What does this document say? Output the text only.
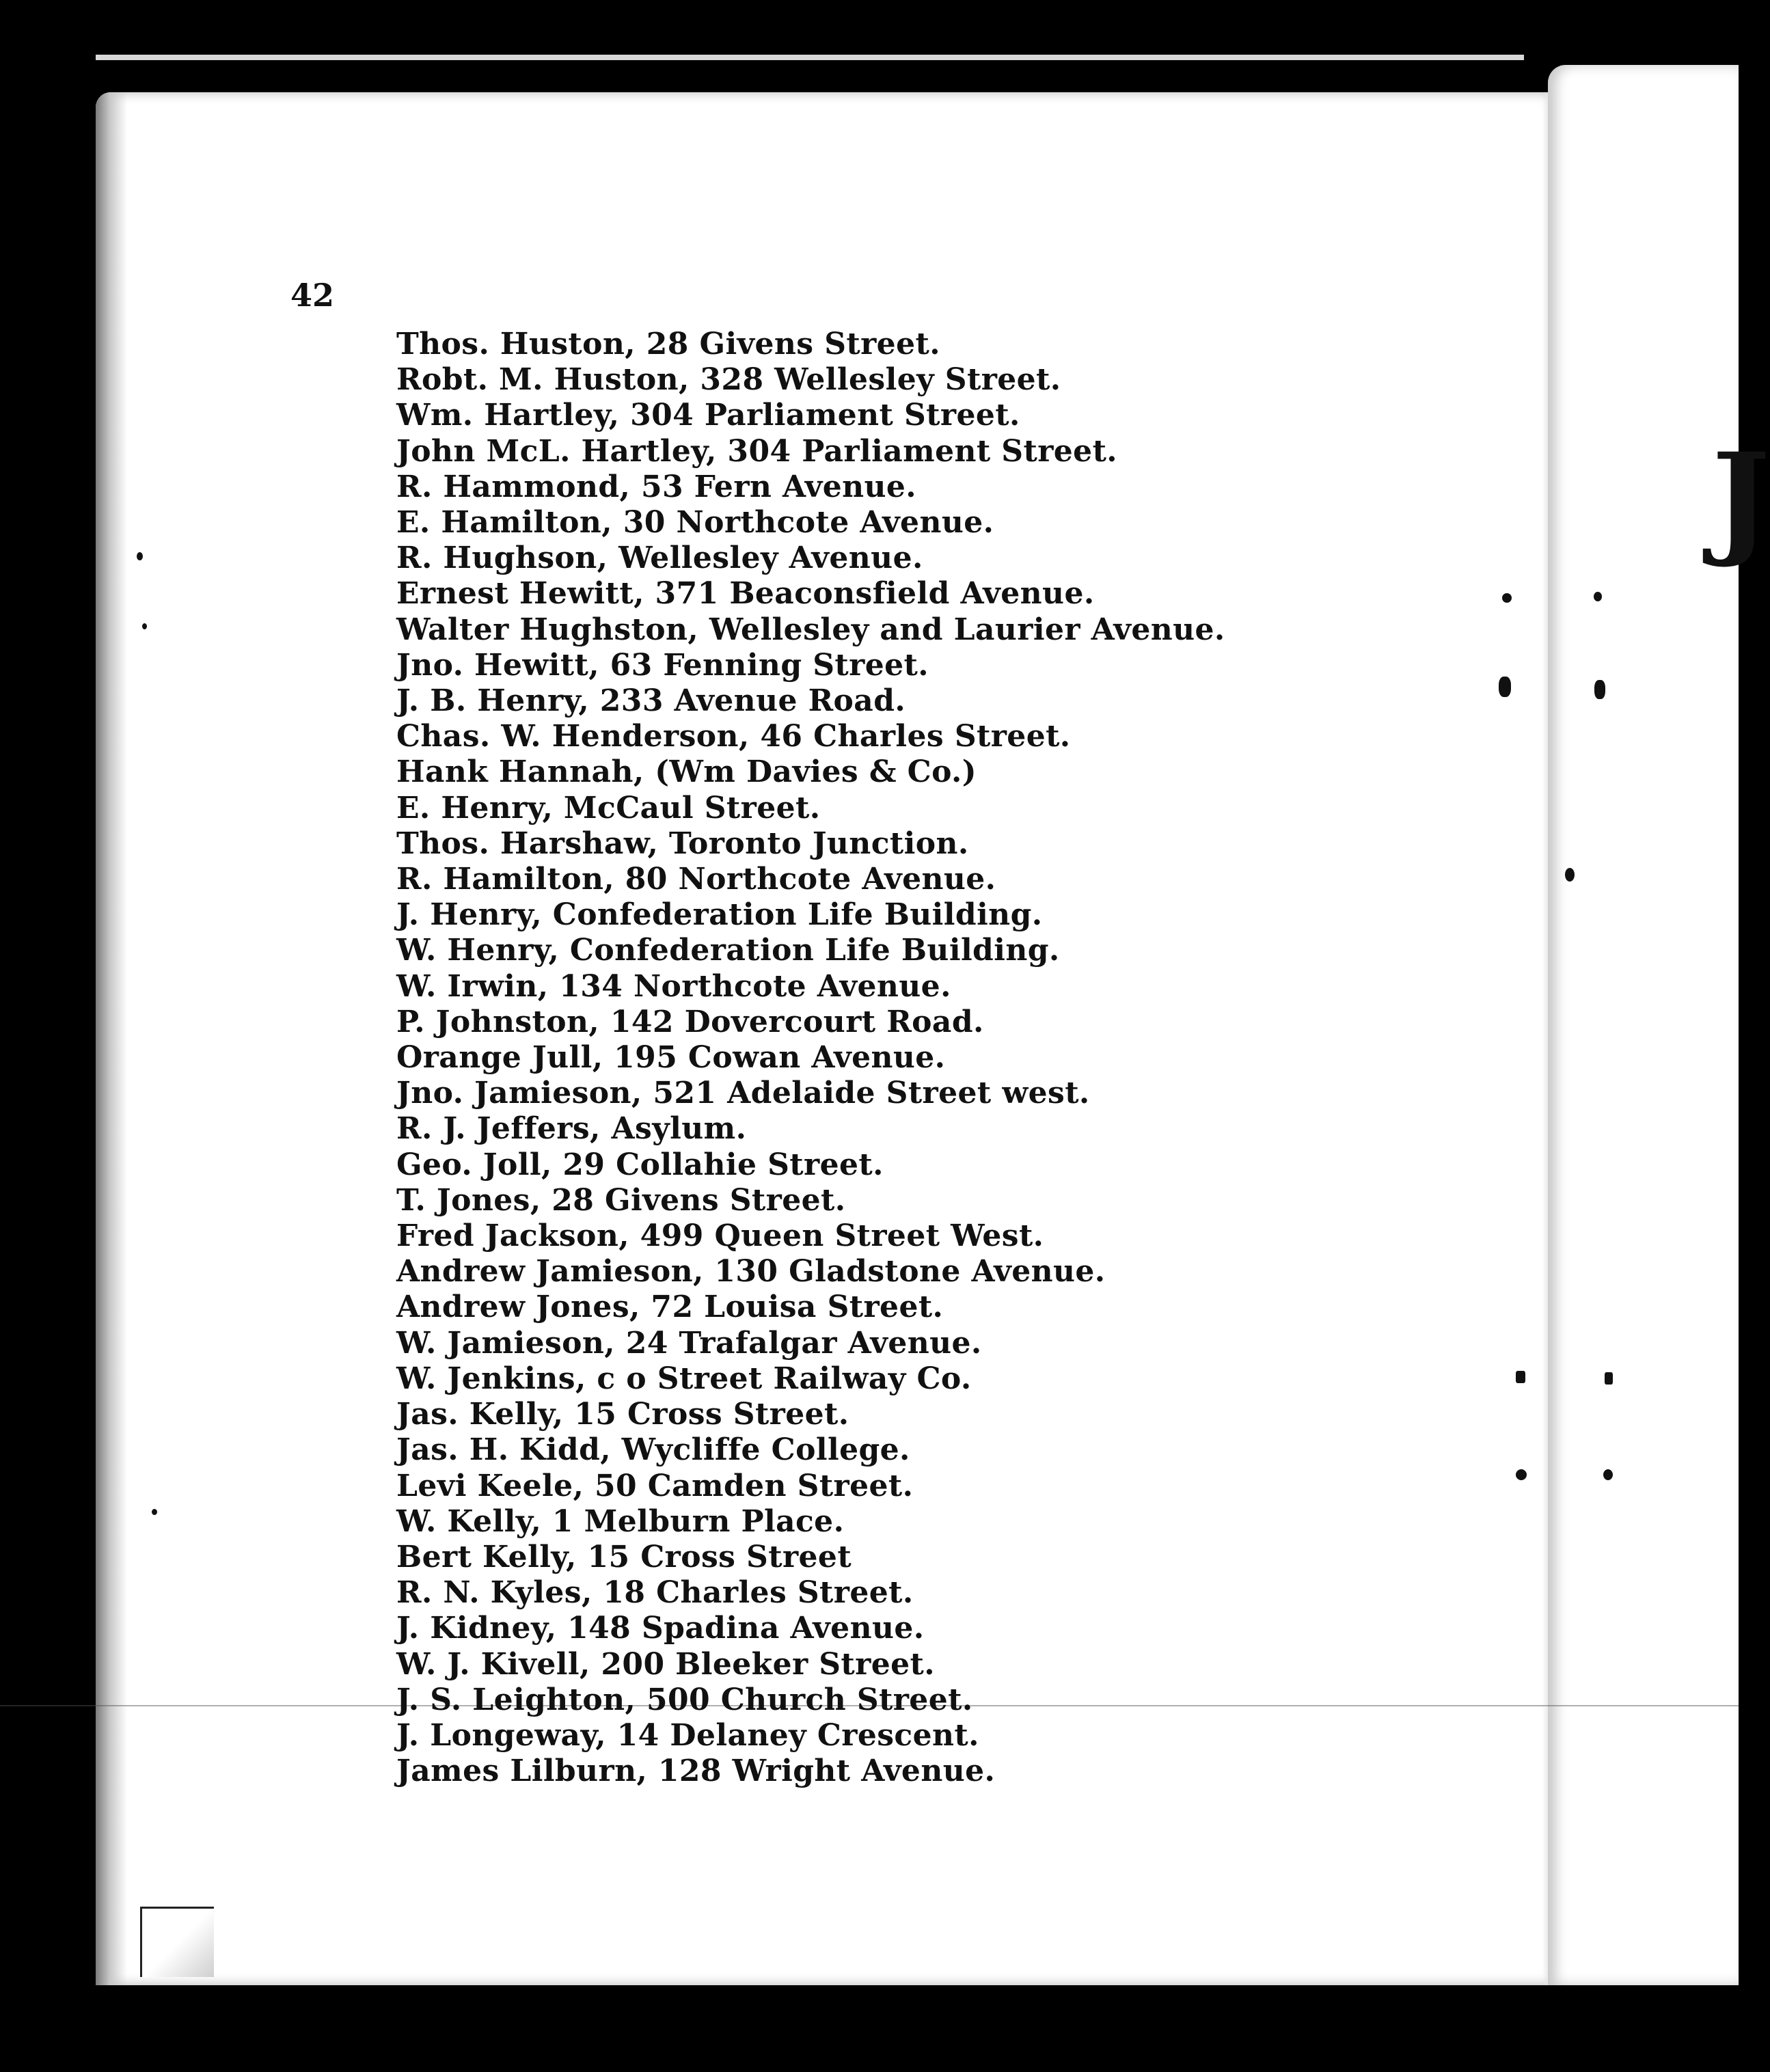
42
Thos. Huston, 28 Givens Street.
Robt. M. Huston, 328 Wellesley Street.
Wm. Hartley, 304 Parliament Street.
John McL. Hartley, 304 Parliament Street.
R. Hammond, 53 Fern Avenue.
E. Hamilton, 30 Northcote Avenue.
R. Hughson, Wellesley Avenue.
Ernest Hewitt, 371 Beaconsfield Avenue.
Walter Hughston, Wellesley and Laurier Avenue.
Jno. Hewitt, 63 Fenning Street.
J. B. Henry, 233 Avenue Road.
Chas. W. Henderson, 46 Charles Street.
Hank Hannah, (Wm Davies & Co.)
E. Henry, McCaul Street.
Thos. Harshaw, Toronto Junction.
R. Hamilton, 80 Northcote Avenue.
J. Henry, Confederation Life Building.
W. Henry, Confederation Life Building.
W. Irwin, 134 Northcote Avenue.
P. Johnston, 142 Dovercourt Road.
Orange Jull, 195 Cowan Avenue.
Jno. Jamieson, 521 Adelaide Street west.
R. J. Jeffers, Asylum.
Geo. Joll, 29 Collahie Street.
T. Jones, 28 Givens Street.
Fred Jackson, 499 Queen Street West.
Andrew Jamieson, 130 Gladstone Avenue.
Andrew Jones, 72 Louisa Street.
W. Jamieson, 24 Trafalgar Avenue.
W. Jenkins, c o Street Railway Co.
Jas. Kelly, 15 Cross Street.
Jas. H. Kidd, Wycliffe College.
Levi Keele, 50 Camden Street.
W. Kelly, 1 Melburn Place.
Bert Kelly, 15 Cross Street
R. N. Kyles, 18 Charles Street.
J. Kidney, 148 Spadina Avenue.
W. J. Kivell, 200 Bleeker Street.
J. S. Leighton, 500 Church Street.
J. Longeway, 14 Delaney Crescent.
James Lilburn, 128 Wright Avenue.
J
